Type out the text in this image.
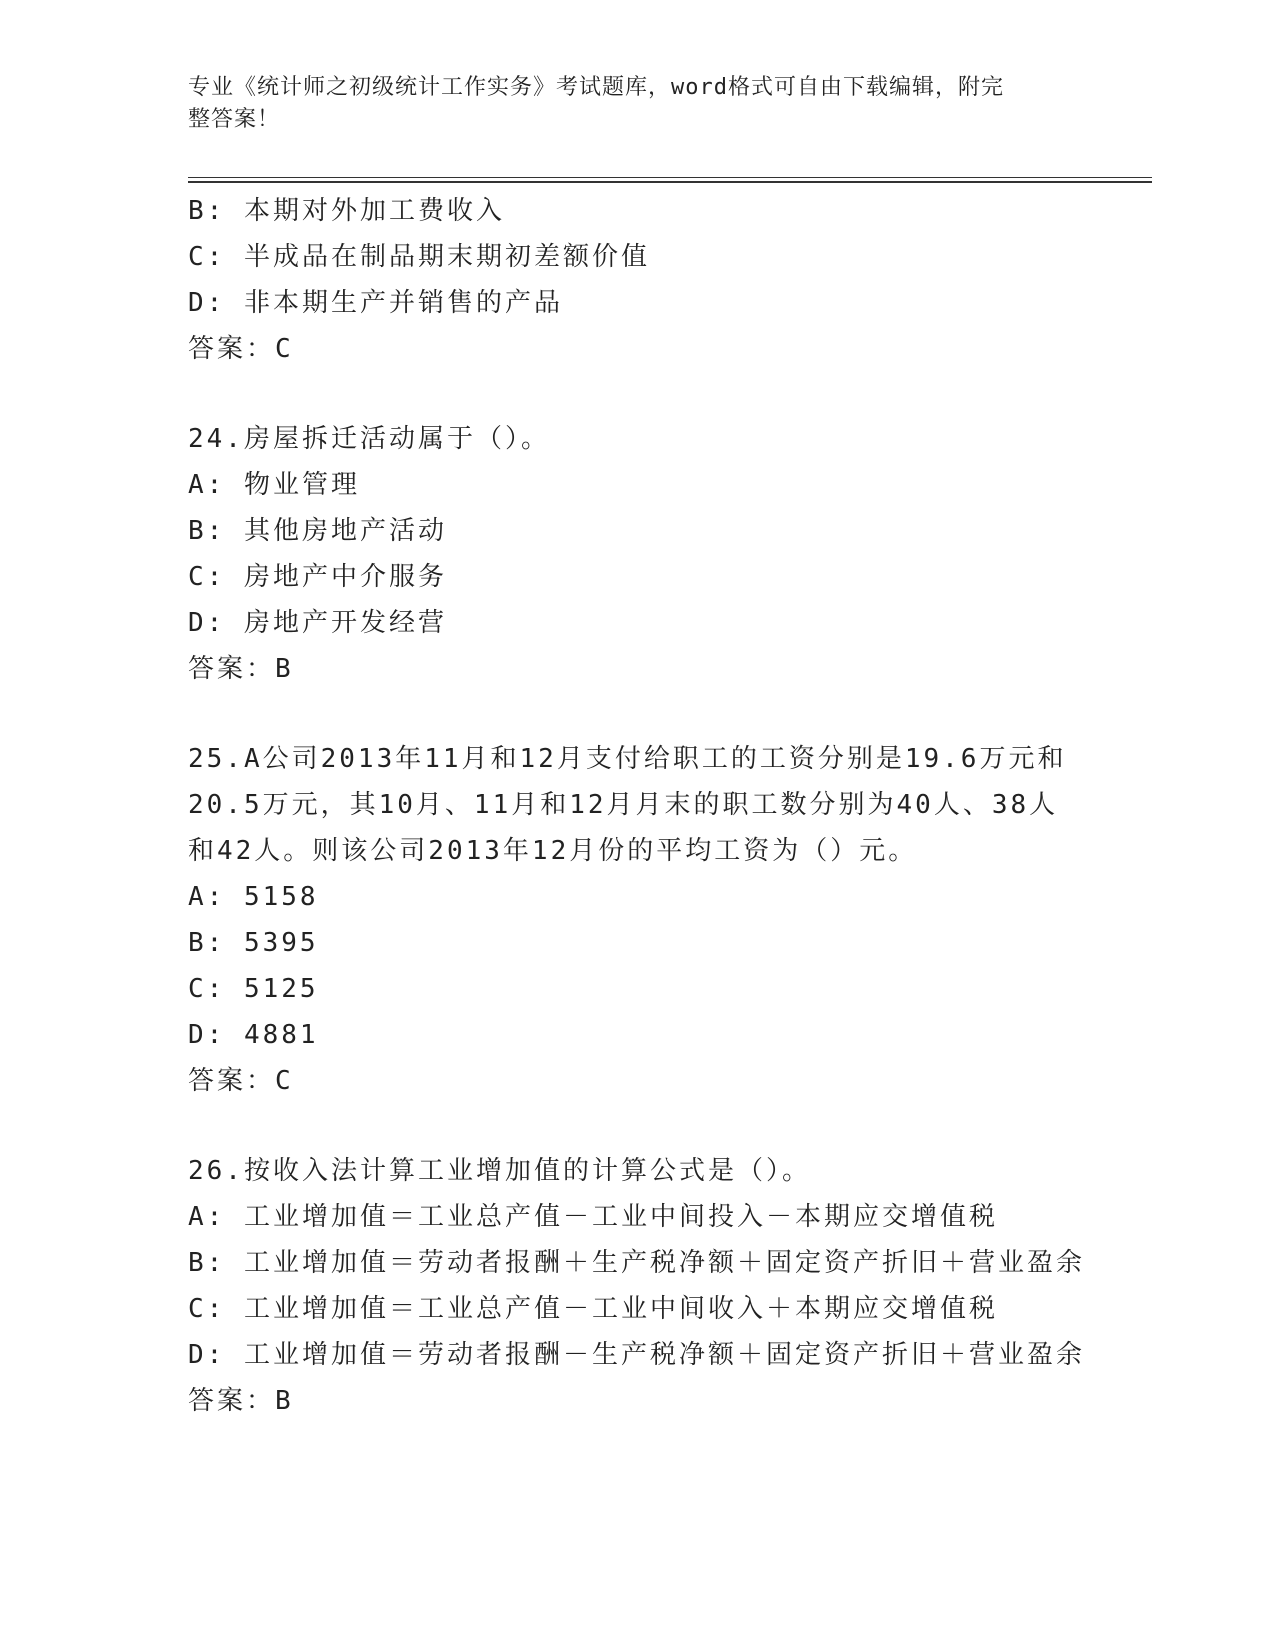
专业《统计师之初级统计工作实务》考试题库，word格式可自由下载编辑，附完
整答案！
B: 本期对外加工费收入
C: 半成品在制品期末期初差额价值
D: 非本期生产并销售的产品
答案：C
24.房屋拆迁活动属于（）。
A: 物业管理
B: 其他房地产活动
C: 房地产中介服务
D: 房地产开发经营
答案：B
25.A公司2013年11月和12月支付给职工的工资分别是19.6万元和
20.5万元，其10月、11月和12月月末的职工数分别为40人、38人
和42人。则该公司2013年12月份的平均工资为（）元。
A: 5158
B: 5395
C: 5125
D: 4881
答案：C
26.按收入法计算工业增加值的计算公式是（）。
A: 工业增加值＝工业总产值－工业中间投入－本期应交增值税
B: 工业增加值＝劳动者报酬＋生产税净额＋固定资产折旧＋营业盈余
C: 工业增加值＝工业总产值－工业中间收入＋本期应交增值税
D: 工业增加值＝劳动者报酬－生产税净额＋固定资产折旧＋营业盈余
答案：B
